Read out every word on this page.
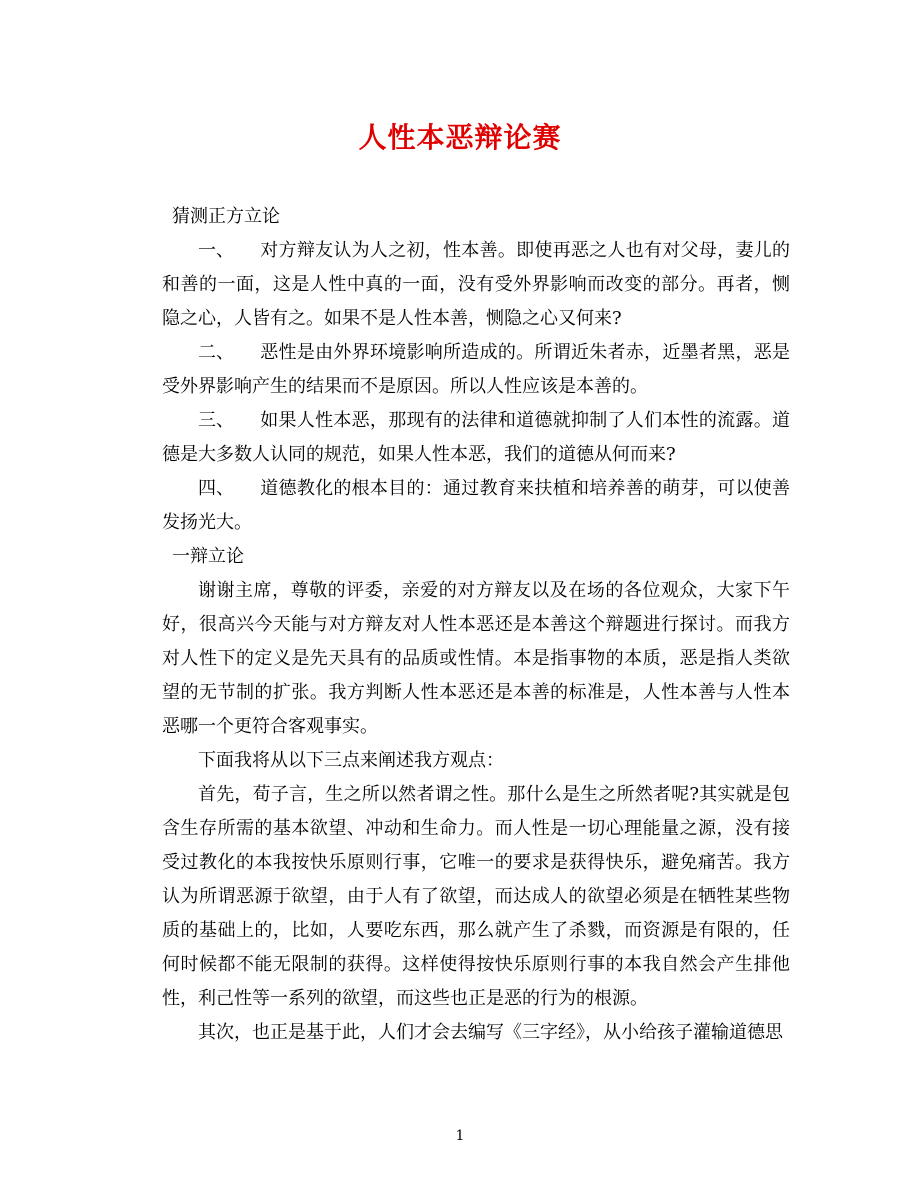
人性本恶辩论赛

猜测正方立论

一、 对方辩友认为人之初，性本善。即使再恶之人也有对父母，妻儿的和善的一面，这是人性中真的一面，没有受外界影响而改变的部分。再者，恻隐之心，人皆有之。如果不是人性本善，恻隐之心又何来?

二、 恶性是由外界环境影响所造成的。所谓近朱者赤，近墨者黑，恶是受外界影响产生的结果而不是原因。所以人性应该是本善的。

三、 如果人性本恶，那现有的法律和道德就抑制了人们本性的流露。道德是大多数人认同的规范，如果人性本恶，我们的道德从何而来?

四、 道德教化的根本目的：通过教育来扶植和培养善的萌芽，可以使善发扬光大。

一辩立论

谢谢主席，尊敬的评委，亲爱的对方辩友以及在场的各位观众，大家下午好，很高兴今天能与对方辩友对人性本恶还是本善这个辩题进行探讨。而我方对人性下的定义是先天具有的品质或性情。本是指事物的本质，恶是指人类欲望的无节制的扩张。我方判断人性本恶还是本善的标准是，人性本善与人性本恶哪一个更符合客观事实。

下面我将从以下三点来阐述我方观点：

首先，荀子言，生之所以然者谓之性。那什么是生之所然者呢?其实就是包含生存所需的基本欲望、冲动和生命力。而人性是一切心理能量之源，没有接受过教化的本我按快乐原则行事，它唯一的要求是获得快乐，避免痛苦。我方认为所谓恶源于欲望，由于人有了欲望，而达成人的欲望必须是在牺牲某些物质的基础上的，比如，人要吃东西，那么就产生了杀戮，而资源是有限的，任何时候都不能无限制的获得。这样使得按快乐原则行事的本我自然会产生排他性，利己性等一系列的欲望，而这些也正是恶的行为的根源。

其次，也正是基于此，人们才会去编写《三字经》，从小给孩子灌输道德思

1
